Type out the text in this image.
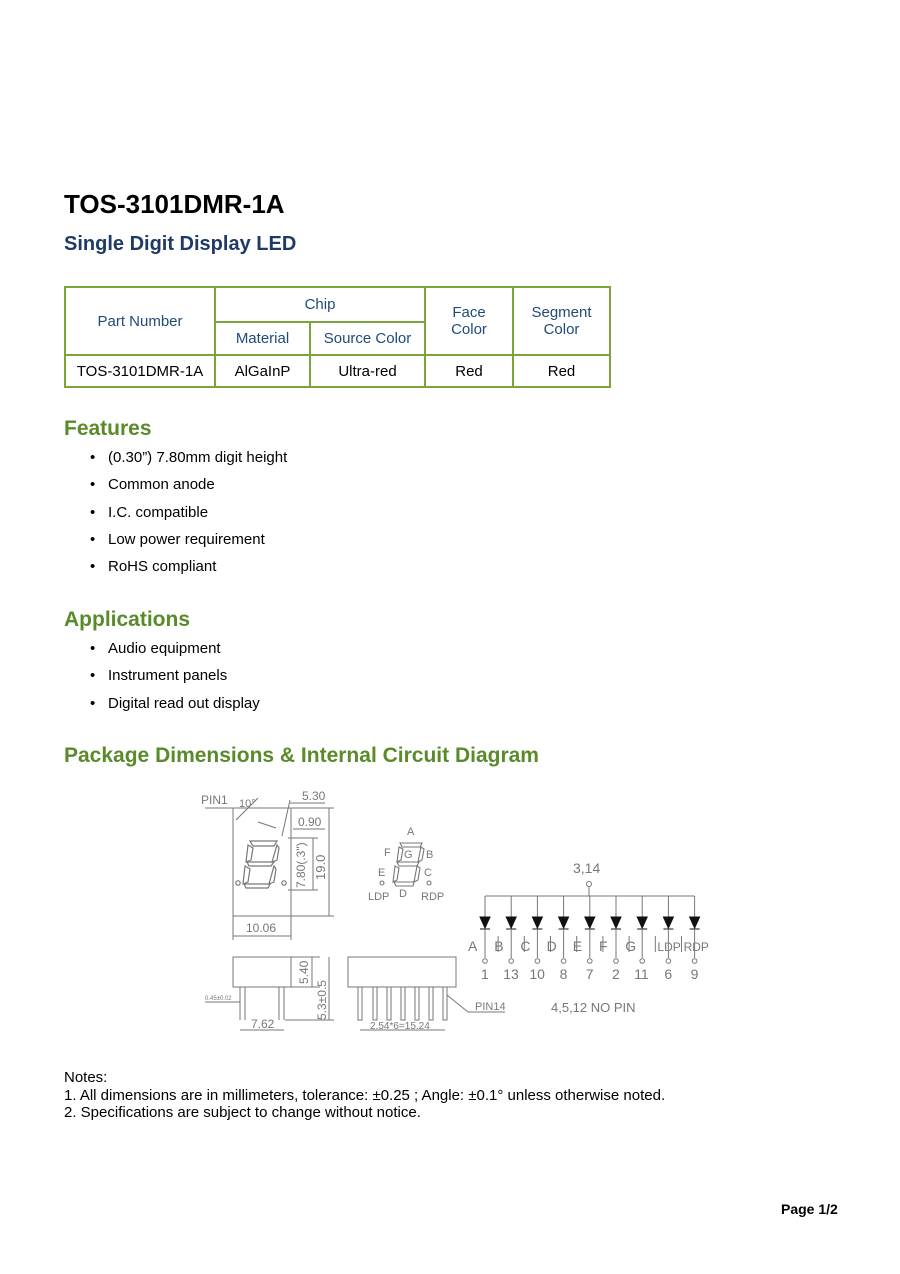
TOS-3101DMR-1A
Single Digit Display LED
Part Number	Chip		Face Color	Segment Color
	Material	Source Color		
TOS-3101DMR-1A	AlGaInP	Ultra-red	Red	Red
Features
• (0.30”) 7.80mm digit height
• Common anode
• I.C. compatible
• Low power requirement
• RoHS compliant
Applications
• Audio equipment
• Instrument panels
• Digital read out display
Package Dimensions & Internal Circuit Diagram
PIN1 10°
5.30
0.90
7.80(.3") 19.0
10.06
A
B
C
D
E
F G
LDP	RDP
5.40
5.3±0.5
0.45±0.02
7.62	2.54*6=15.24
PIN14
A
1
B
13
C
10
D
8
E
7
F
2
G
11
LDP
6
RDP
9
3,14
4,5,12 NO PIN
Notes:
1. All dimensions are in millimeters, tolerance: ±0.25 ; Angle: ±0.1° unless otherwise noted.
2. Specifications are subject to change without notice.
Page 1/2
